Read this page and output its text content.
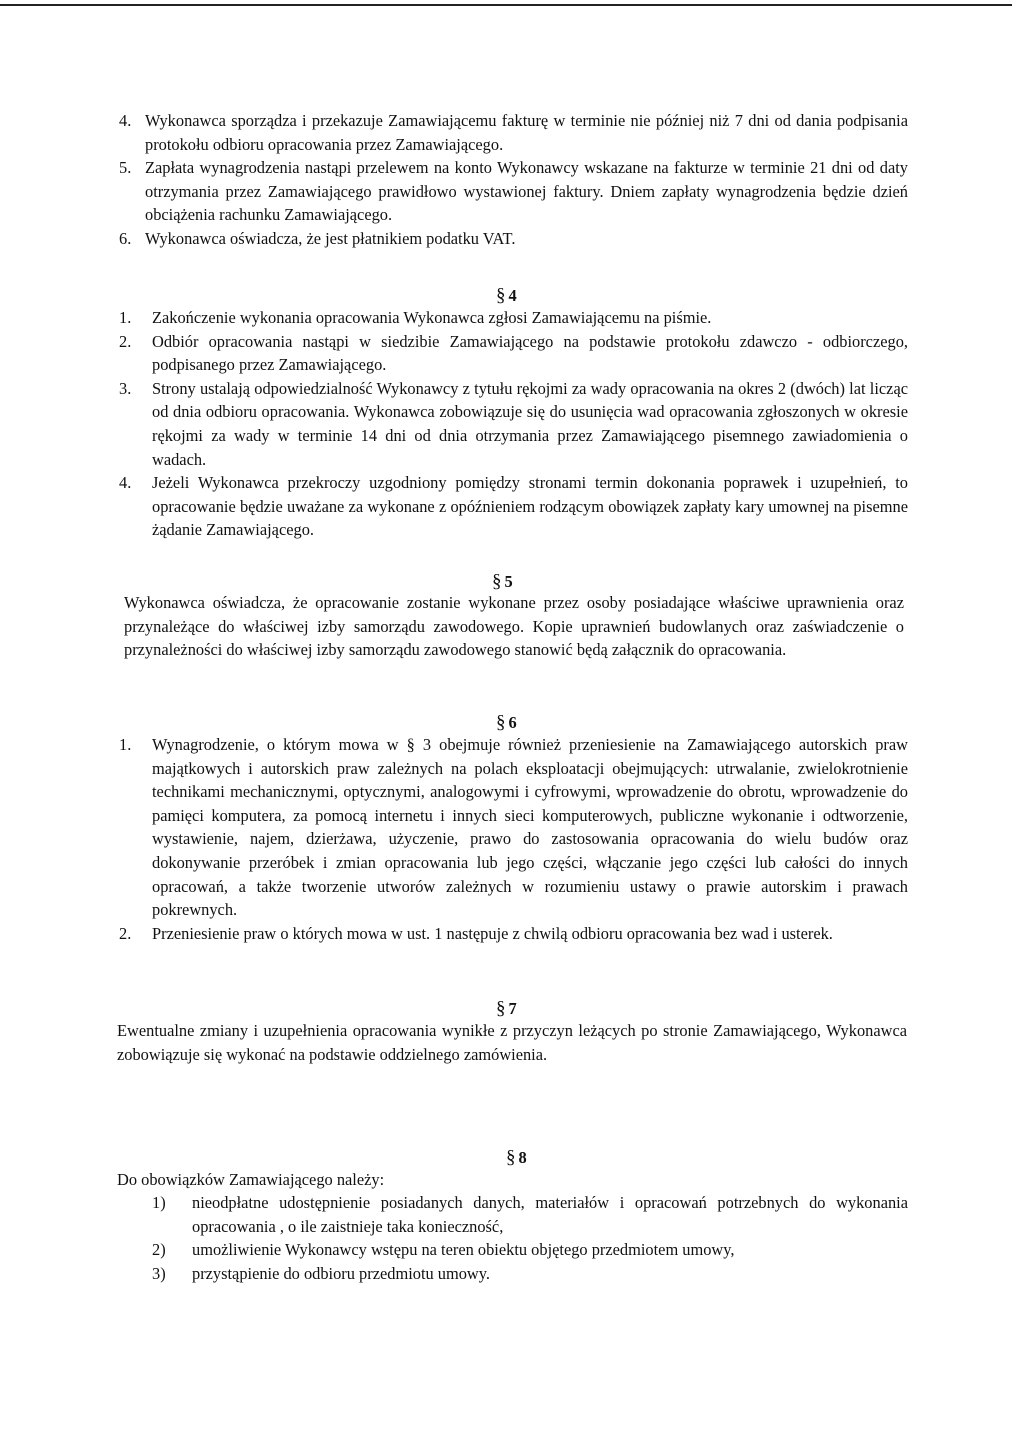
4. Wykonawca sporządza i przekazuje Zamawiającemu fakturę w terminie nie później niż 7 dni od dania podpisania protokołu odbioru opracowania przez Zamawiającego.
5. Zapłata wynagrodzenia nastąpi przelewem na konto Wykonawcy wskazane na fakturze w terminie 21 dni od daty otrzymania przez Zamawiającego prawidłowo wystawionej faktury. Dniem zapłaty wynagrodzenia będzie dzień obciążenia rachunku Zamawiającego.
6. Wykonawca oświadcza, że jest płatnikiem podatku VAT.
§ 4
1.	Zakończenie wykonania opracowania Wykonawca zgłosi Zamawiającemu na piśmie.
2.	Odbiór opracowania nastąpi w siedzibie Zamawiającego na podstawie protokołu zdawczo - odbiorczego, podpisanego przez Zamawiającego.
3.	Strony ustalają odpowiedzialność Wykonawcy z tytułu rękojmi za wady opracowania na okres 2 (dwóch) lat licząc od dnia odbioru opracowania. Wykonawca zobowiązuje się do usunięcia wad opracowania zgłoszonych w okresie rękojmi za wady w terminie 14 dni od dnia otrzymania przez Zamawiającego pisemnego zawiadomienia o wadach.
4.	Jeżeli Wykonawca przekroczy uzgodniony pomiędzy stronami termin dokonania poprawek i uzupełnień, to opracowanie będzie uważane za wykonane z opóźnieniem rodzącym obowiązek zapłaty kary umownej na pisemne żądanie Zamawiającego.
§ 5

Wykonawca oświadcza, że opracowanie zostanie wykonane przez osoby posiadające właściwe uprawnienia oraz przynależące do właściwej izby samorządu zawodowego. Kopie uprawnień budowlanych oraz zaświadczenie o przynależności do właściwej izby samorządu zawodowego stanowić będą załącznik do opracowania.

§ 6
1.	Wynagrodzenie, o którym mowa w § 3 obejmuje również przeniesienie na Zamawiającego autorskich praw majątkowych i autorskich praw zależnych na polach eksploatacji obejmujących: utrwalanie, zwielokrotnienie technikami mechanicznymi, optycznymi, analogowymi i cyfrowymi, wprowadzenie do obrotu, wprowadzenie do pamięci komputera, za pomocą internetu i innych sieci komputerowych, publiczne wykonanie i odtworzenie, wystawienie, najem, dzierżawa, użyczenie, prawo do zastosowania opracowania do wielu budów oraz dokonywanie przeróbek i zmian opracowania lub jego części, włączanie jego części lub całości do innych opracowań, a także tworzenie utworów zależnych w rozumieniu ustawy o prawie autorskim i prawach pokrewnych.
2.	Przeniesienie praw o których mowa w ust. 1 następuje z chwilą odbioru opracowania bez wad i usterek.
§ 7

Ewentualne zmiany i uzupełnienia opracowania wynikłe z przyczyn leżących po stronie Zamawiającego, Wykonawca zobowiązuje się wykonać na podstawie oddzielnego zamówienia.

§ 8

Do obowiązków Zamawiającego należy:

1)	nieodpłatne udostępnienie posiadanych danych, materiałów i opracowań potrzebnych do wykonania opracowania , o ile zaistnieje taka konieczność,
2)	umożliwienie Wykonawcy wstępu na teren obiektu objętego przedmiotem umowy,
3)	przystąpienie do odbioru przedmiotu umowy.
